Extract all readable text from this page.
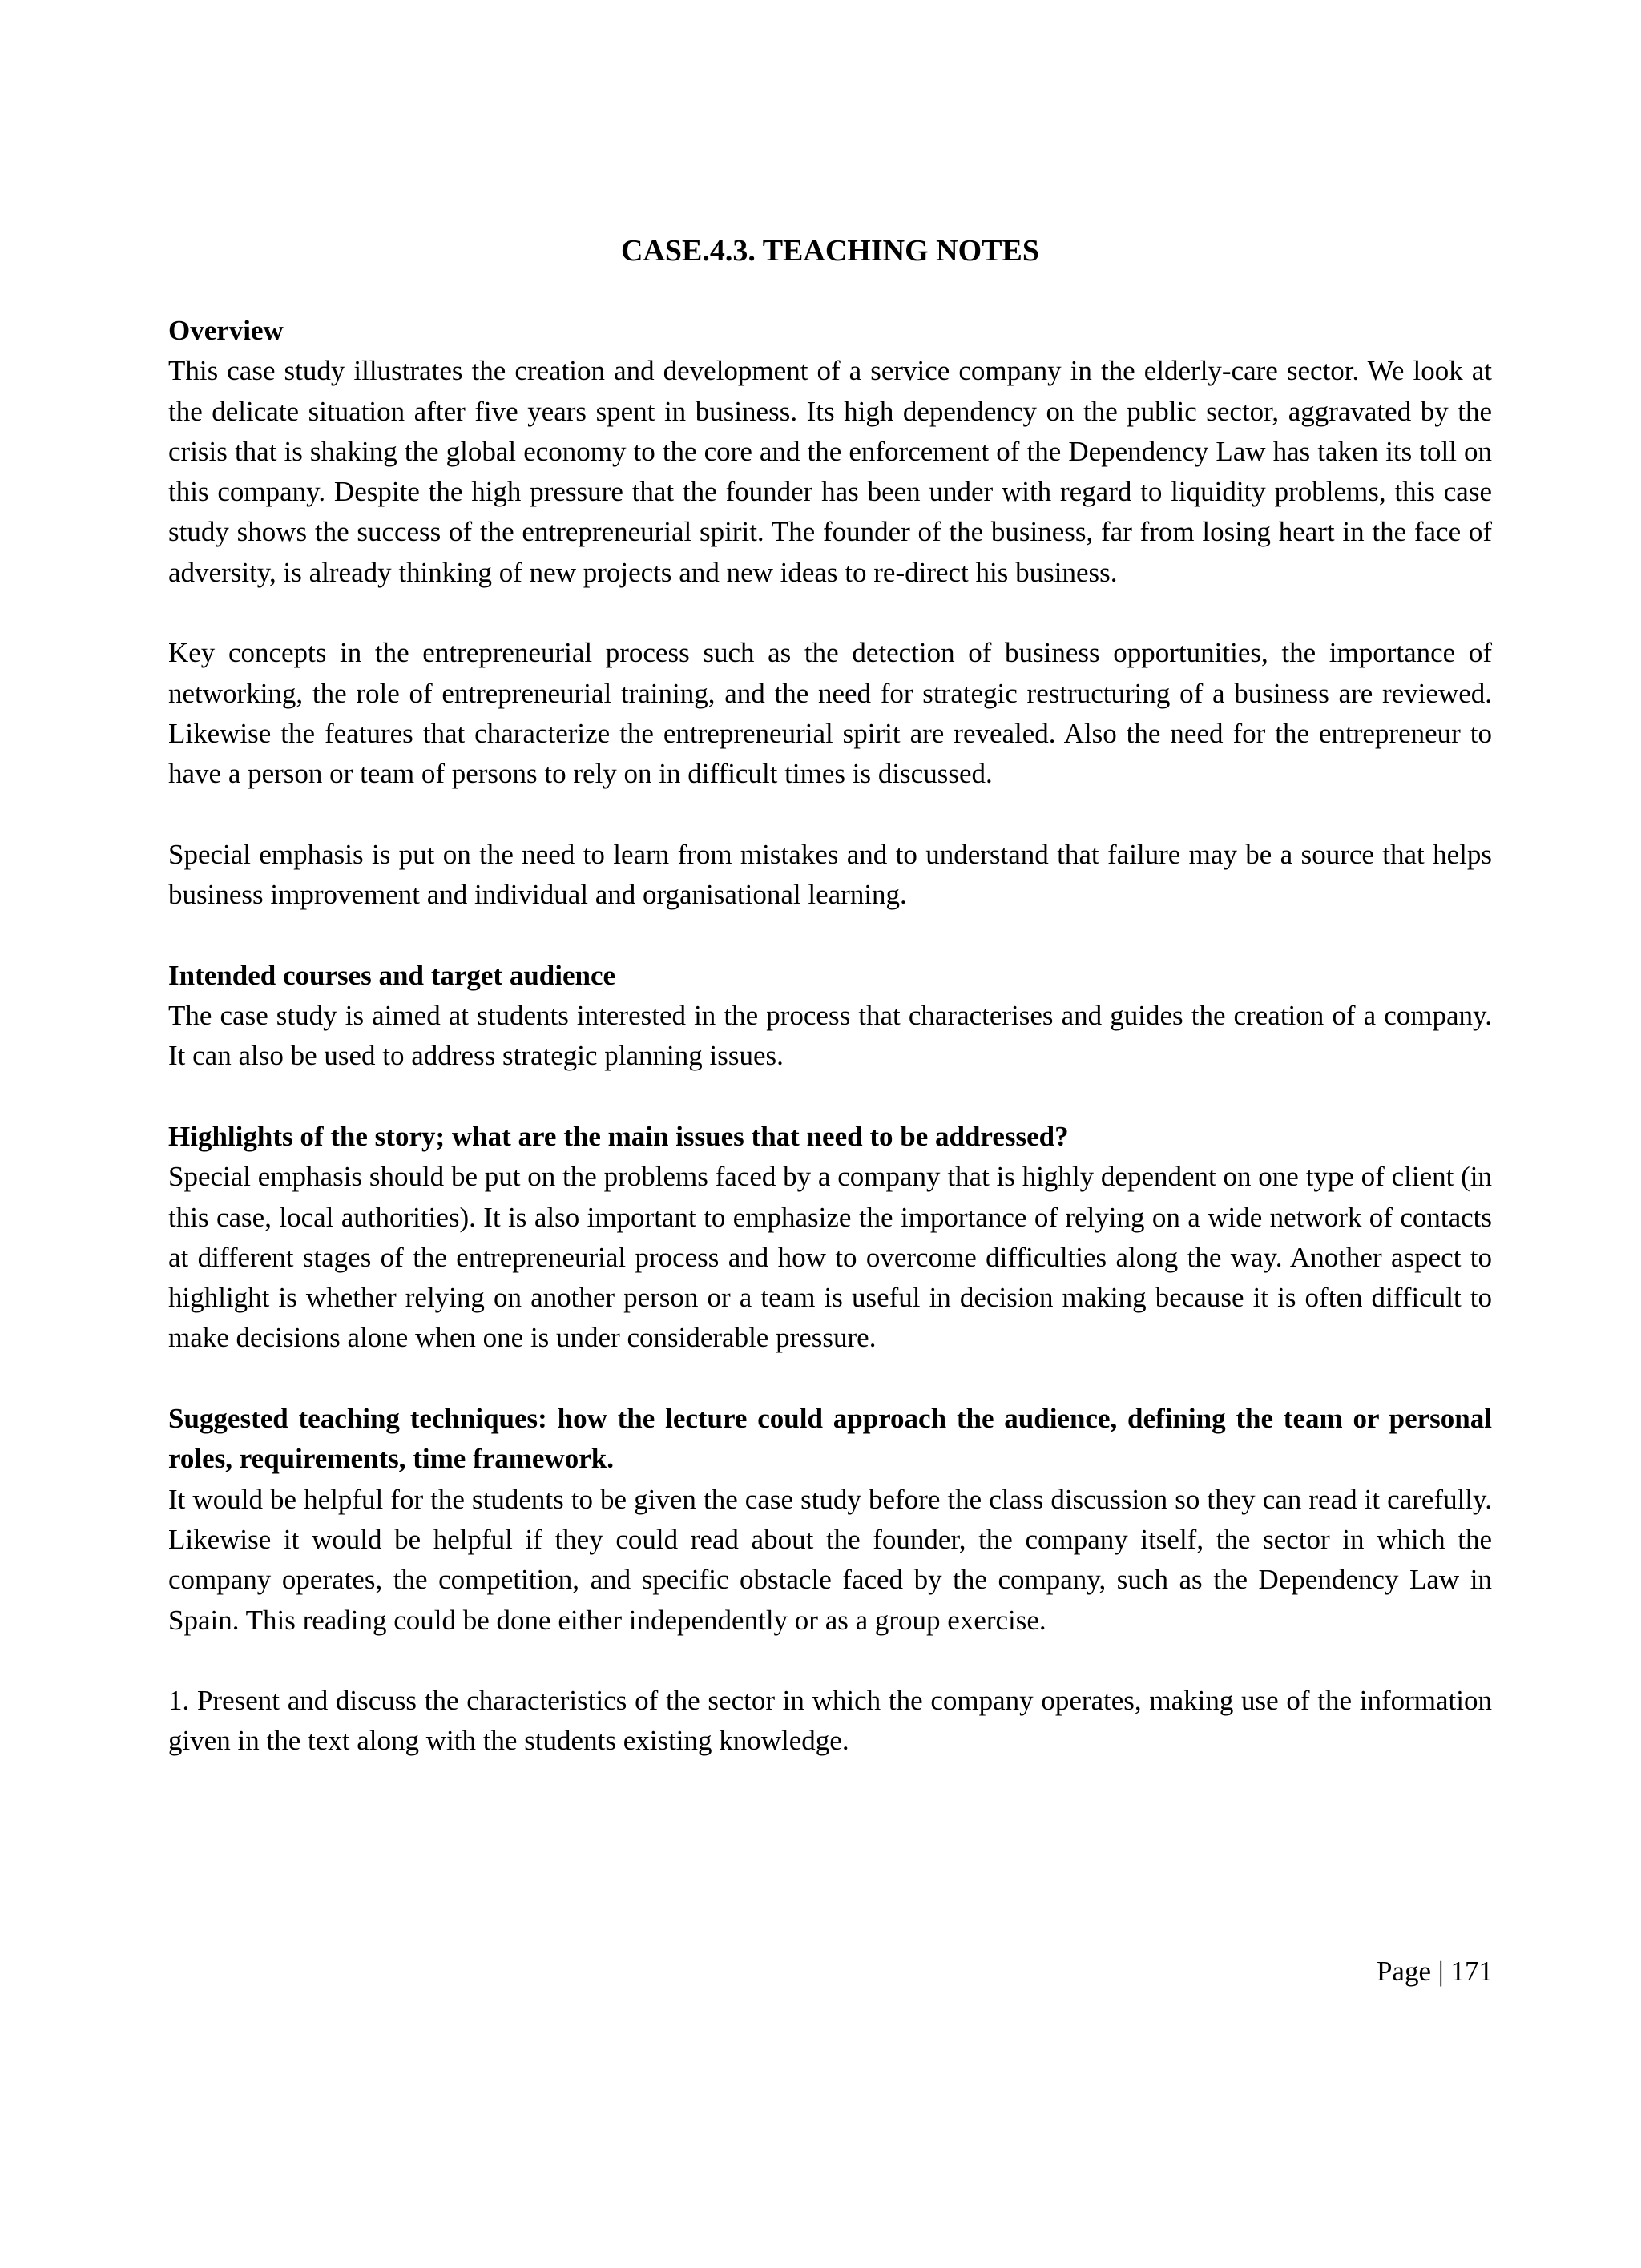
CASE.4.3. TEACHING NOTES

Overview

This case study illustrates the creation and development of a service company in the elderly-care sector. We look at the delicate situation after five years spent in business. Its high dependency on the public sector, aggravated by the crisis that is shaking the global economy to the core and the enforcement of the Dependency Law has taken its toll on this company. Despite the high pressure that the founder has been under with regard to liquidity problems, this case study shows the success of the entrepreneurial spirit. The founder of the business, far from losing heart in the face of adversity, is already thinking of new projects and new ideas to re-direct his business.

Key concepts in the entrepreneurial process such as the detection of business opportunities, the importance of networking, the role of entrepreneurial training, and the need for strategic restructuring of a business are reviewed. Likewise the features that characterize the entrepreneurial spirit are revealed. Also the need for the entrepreneur to have a person or team of persons to rely on in difficult times is discussed.

Special emphasis is put on the need to learn from mistakes and to understand that failure may be a source that helps business improvement and individual and organisational learning.

Intended courses and target audience

The case study is aimed at students interested in the process that characterises and guides the creation of a company. It can also be used to address strategic planning issues.

Highlights of the story; what are the main issues that need to be addressed?

Special emphasis should be put on the problems faced by a company that is highly dependent on one type of client (in this case, local authorities). It is also important to emphasize the importance of relying on a wide network of contacts at different stages of the entrepreneurial process and how to overcome difficulties along the way. Another aspect to highlight is whether relying on another person or a team is useful in decision making because it is often difficult to make decisions alone when one is under considerable pressure.

Suggested teaching techniques: how the lecture could approach the audience, defining the team or personal roles, requirements, time framework.

It would be helpful for the students to be given the case study before the class discussion so they can read it carefully. Likewise it would be helpful if they could read about the founder, the company itself, the sector in which the company operates, the competition, and specific obstacle faced by the company, such as the Dependency Law in Spain. This reading could be done either independently or as a group exercise.

1. Present and discuss the characteristics of the sector in which the company operates, making use of the information given in the text along with the students existing knowledge.

Page | 171
